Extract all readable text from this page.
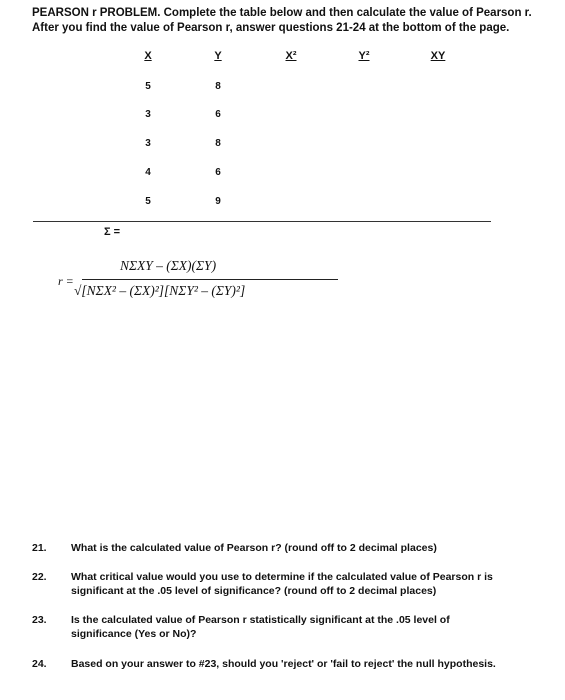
PEARSON r PROBLEM. Complete the table below and then calculate the value of Pearson r.

After you find the value of Pearson r, answer questions 21-24 at the bottom of the page.

X	Y	X²	Y²	XY
5	8
3	6
3	8
4	6
5	9
Σ =
r =
NΣXY – (ΣX)(ΣY)
√[NΣX² – (ΣX)²][NΣY² – (ΣY)²]
21. What is the calculated value of Pearson r? (round off to 2 decimal places)
22. What critical value would you use to determine if the calculated value of Pearson r is significant at the .05 level of significance? (round off to 2 decimal places)
23. Is the calculated value of Pearson r statistically significant at the .05 level of significance (Yes or No)?
24. Based on your answer to #23, should you 'reject' or 'fail to reject' the null hypothesis.
